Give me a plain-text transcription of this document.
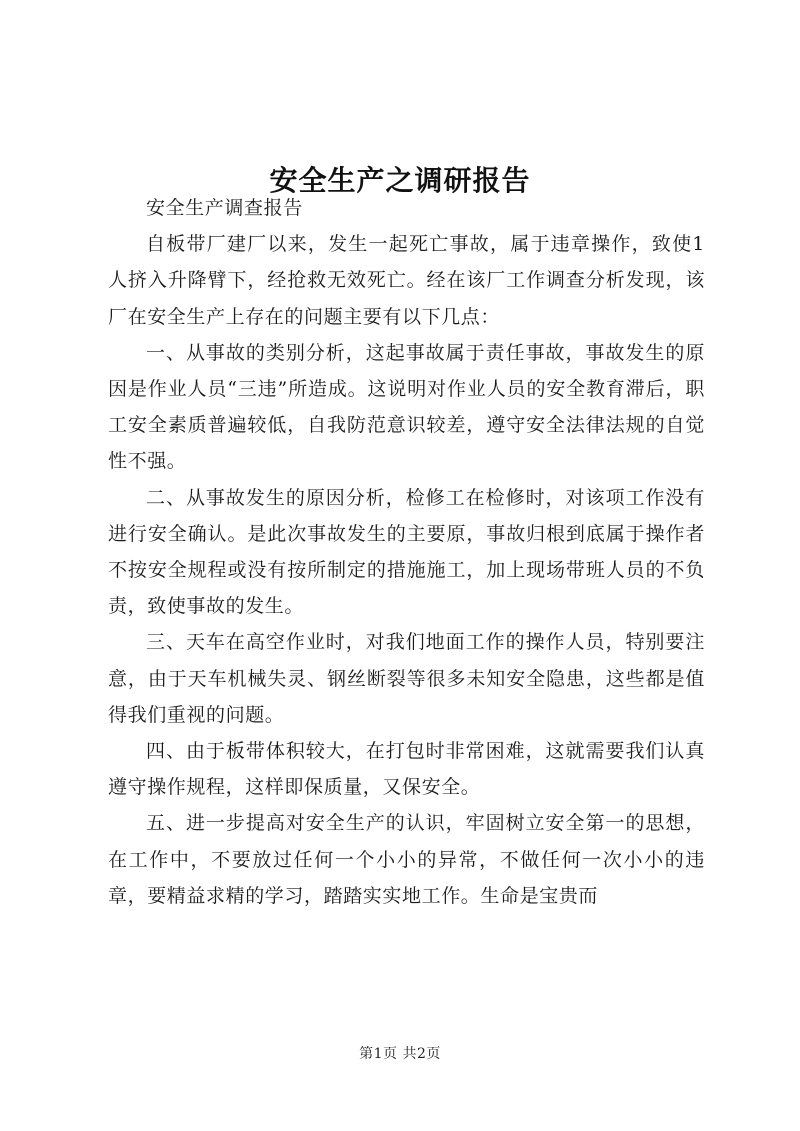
安全生产之调研报告

安全生产调查报告

自板带厂建厂以来，发生一起死亡事故，属于违章操作，致使1人挤入升降臂下，经抢救无效死亡。经在该厂工作调查分析发现，该厂在安全生产上存在的问题主要有以下几点：

一、从事故的类别分析，这起事故属于责任事故，事故发生的原因是作业人员“三违”所造成。这说明对作业人员的安全教育滞后，职工安全素质普遍较低，自我防范意识较差，遵守安全法律法规的自觉性不强。

二、从事故发生的原因分析，检修工在检修时，对该项工作没有进行安全确认。是此次事故发生的主要原，事故归根到底属于操作者不按安全规程或没有按所制定的措施施工，加上现场带班人员的不负责，致使事故的发生。

三、天车在高空作业时，对我们地面工作的操作人员，特别要注意，由于天车机械失灵、钢丝断裂等很多未知安全隐患，这些都是值得我们重视的问题。

四、由于板带体积较大，在打包时非常困难，这就需要我们认真遵守操作规程，这样即保质量，又保安全。

五、进一步提高对安全生产的认识，牢固树立安全第一的思想，在工作中，不要放过任何一个小小的异常，不做任何一次小小的违章，要精益求精的学习，踏踏实实地工作。生命是宝贵而

第1页 共2页
